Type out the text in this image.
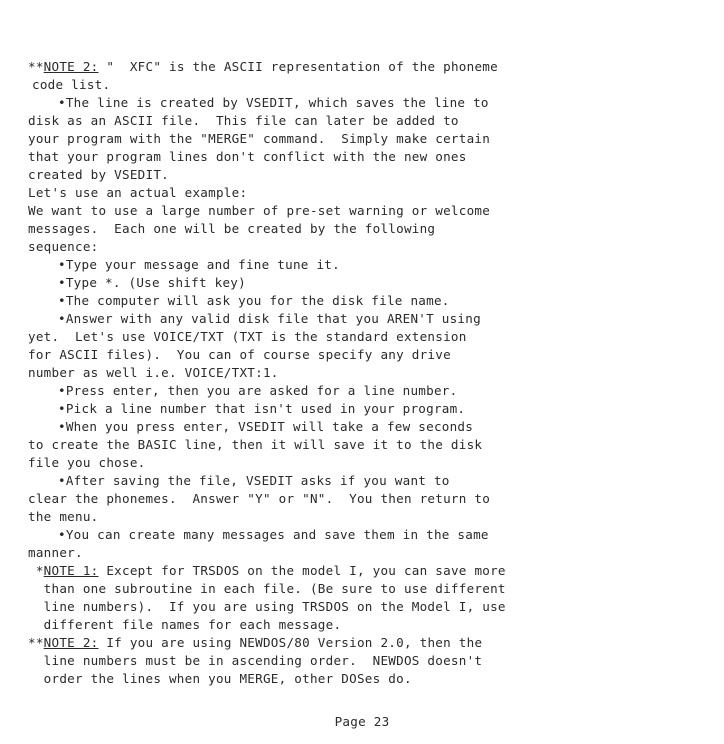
**NOTE 2: "  XFC" is the ASCII representation of the phoneme
code list.
•The line is created by VSEDIT, which saves the line to
disk as an ASCII file.  This file can later be added to
your program with the "MERGE" command.  Simply make certain
that your program lines don't conflict with the new ones
created by VSEDIT.
Let's use an actual example:
We want to use a large number of pre-set warning or welcome
messages.  Each one will be created by the following
sequence:
•Type your message and fine tune it.
•Type *. (Use shift key)
•The computer will ask you for the disk file name.
•Answer with any valid disk file that you AREN'T using
yet.  Let's use VOICE/TXT (TXT is the standard extension
for ASCII files).  You can of course specify any drive
number as well i.e. VOICE/TXT:1.
•Press enter, then you are asked for a line number.
•Pick a line number that isn't used in your program.
•When you press enter, VSEDIT will take a few seconds
to create the BASIC line, then it will save it to the disk
file you chose.
•After saving the file, VSEDIT asks if you want to
clear the phonemes.  Answer "Y" or "N".  You then return to
the menu.
•You can create many messages and save them in the same
manner.
*NOTE 1: Except for TRSDOS on the model I, you can save more
than one subroutine in each file. (Be sure to use different
line numbers).  If you are using TRSDOS on the Model I, use
different file names for each message.
**NOTE 2: If you are using NEWDOS/80 Version 2.0, then the
line numbers must be in ascending order.  NEWDOS doesn't
order the lines when you MERGE, other DOSes do.
Page 23
